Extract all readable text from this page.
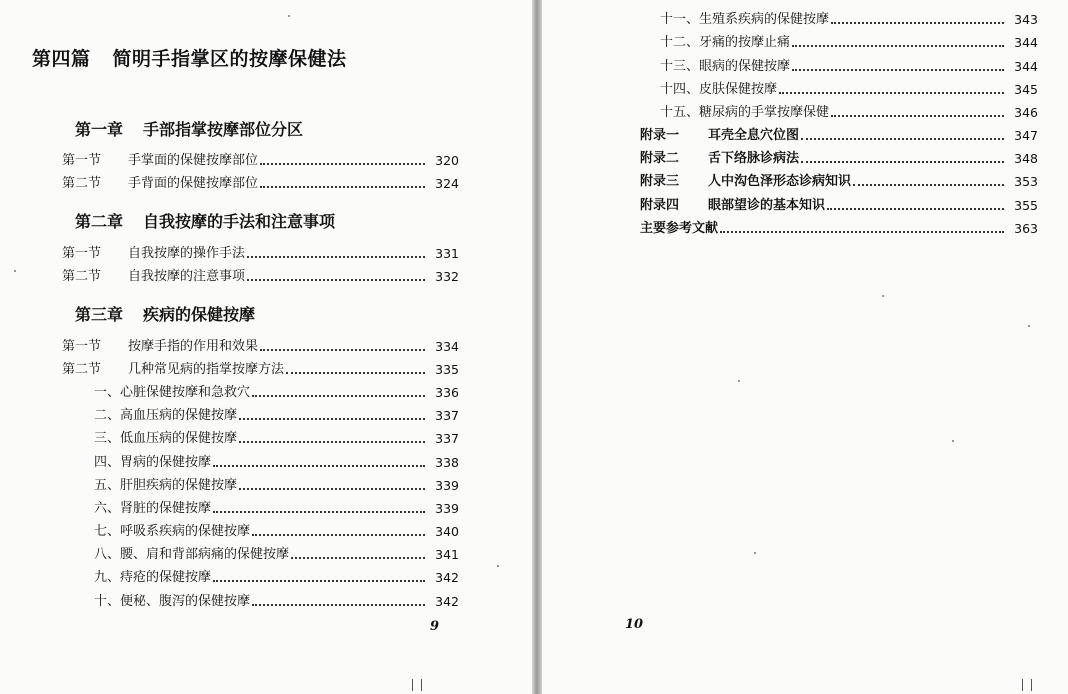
第四篇 简明手指掌区的按摩保健法
第一章 手部指掌按摩部位分区
第一节 手掌面的保健按摩部位	320
第二节 手背面的保健按摩部位	324
第二章 自我按摩的手法和注意事项
第一节 自我按摩的操作手法	331
第二节 自我按摩的注意事项	332
第三章 疾病的保健按摩
第一节 按摩手指的作用和效果	334
第二节 几种常见病的指掌按摩方法	335
一、心脏保健按摩和急救穴	336
二、高血压病的保健按摩	337
三、低血压病的保健按摩	337
四、胃病的保健按摩	338
五、肝胆疾病的保健按摩	339
六、肾脏的保健按摩	339
七、呼吸系疾病的保健按摩	340
八、腰、肩和背部病痛的保健按摩	341
九、痔疮的保健按摩	342
十、便秘、腹泻的保健按摩	342
9
十一、生殖系疾病的保健按摩	343
十二、牙痛的按摩止痛	344
十三、眼病的保健按摩	344
十四、皮肤保健按摩	345
十五、糖尿病的手掌按摩保健	346
附录一 耳壳全息穴位图	347
附录二 舌下络脉诊病法	348
附录三 人中沟色泽形态诊病知识	353
附录四 眼部望诊的基本知识	355
主要参考文献	363
10
